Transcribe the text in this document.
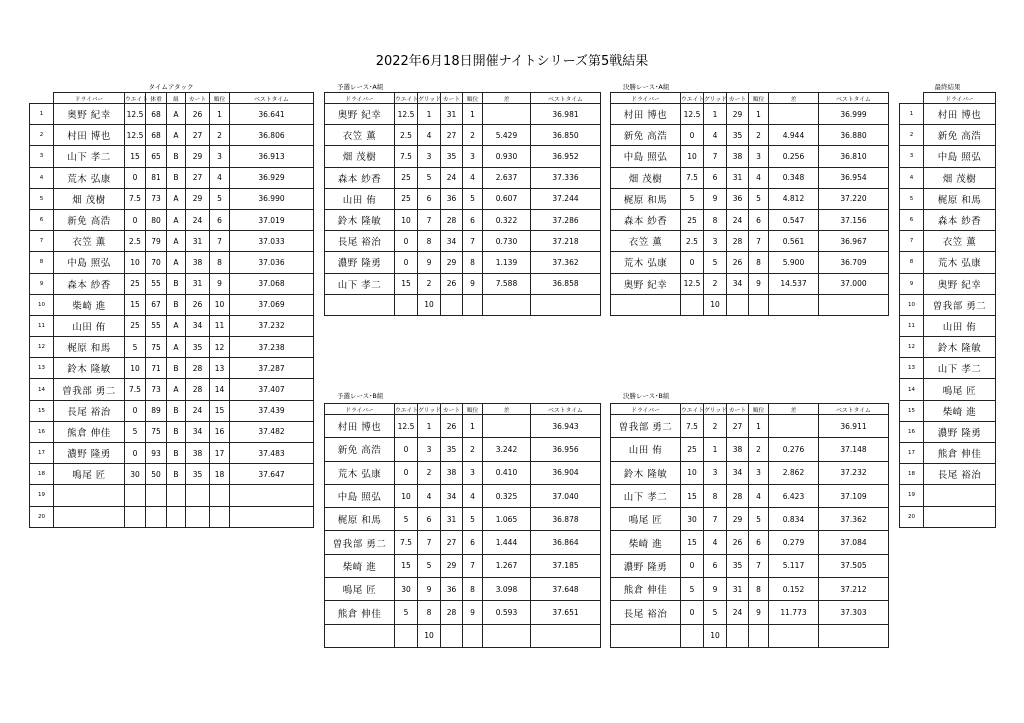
2022年6月18日開催ナイトシリーズ第5戦結果
タイムアタック
	ドライバー	ウエイト	体重	組	カート	順位	ベストタイム
1	奥野 紀幸	12.5	68	A	26	1	36.641
2	村田 博也	12.5	68	A	27	2	36.806
3	山下 孝二	15	65	B	29	3	36.913
4	荒木 弘康	0	81	B	27	4	36.929
5	畑 茂樹	7.5	73	A	29	5	36.990
6	新免 高浩	0	80	A	24	6	37.019
7	衣笠 薫	2.5	79	A	31	7	37.033
8	中島 照弘	10	70	A	38	8	37.036
9	森本 紗香	25	55	B	31	9	37.068
10	柴崎 進	15	67	B	26	10	37.069
11	山田 侑	25	55	A	34	11	37.232
12	梶原 和馬	5	75	A	35	12	37.238
13	鈴木 隆敏	10	71	B	28	13	37.287
14	曽我部 勇二	7.5	73	A	28	14	37.407
15	長尾 裕治	0	89	B	24	15	37.439
16	熊倉 伸佳	5	75	B	34	16	37.482
17	濃野 隆勇	0	93	B	38	17	37.483
18	鳴尾 匠	30	50	B	35	18	37.647
19							
20							
予選レース･A組
ドライバー	ウエイト	グリッド	カート	順位	差	ベストタイム
奥野 紀幸	12.5	1	31	1		36.981
衣笠 薫	2.5	4	27	2	5.429	36.850
畑 茂樹	7.5	3	35	3	0.930	36.952
森本 紗香	25	5	24	4	2.637	37.336
山田 侑	25	6	36	5	0.607	37.244
鈴木 隆敏	10	7	28	6	0.322	37.286
長尾 裕治	0	8	34	7	0.730	37.218
濃野 隆勇	0	9	29	8	1.139	37.362
山下 孝二	15	2	26	9	7.588	36.858
		10				
決勝レース･A組
ドライバー	ウエイト	グリッド	カート	順位	差	ベストタイム
村田 博也	12.5	1	29	1		36.999
新免 高浩	0	4	35	2	4.944	36.880
中島 照弘	10	7	38	3	0.256	36.810
畑 茂樹	7.5	6	31	4	0.348	36.954
梶原 和馬	5	9	36	5	4.812	37.220
森本 紗香	25	8	24	6	0.547	37.156
衣笠 薫	2.5	3	28	7	0.561	36.967
荒木 弘康	0	5	26	8	5.900	36.709
奥野 紀幸	12.5	2	34	9	14.537	37.000
		10				
最終結果
	ドライバー
1	村田 博也
2	新免 高浩
3	中島 照弘
4	畑 茂樹
5	梶原 和馬
6	森本 紗香
7	衣笠 薫
8	荒木 弘康
9	奥野 紀幸
10	曽我部 勇二
11	山田 侑
12	鈴木 隆敏
13	山下 孝二
14	鳴尾 匠
15	柴崎 進
16	濃野 隆勇
17	熊倉 伸佳
18	長尾 裕治
19	
20	
予選レース･B組
ドライバー	ウエイト	グリッド	カート	順位	差	ベストタイム
村田 博也	12.5	1	26	1		36.943
新免 高浩	0	3	35	2	3.242	36.956
荒木 弘康	0	2	38	3	0.410	36.904
中島 照弘	10	4	34	4	0.325	37.040
梶原 和馬	5	6	31	5	1.065	36.878
曽我部 勇二	7.5	7	27	6	1.444	36.864
柴崎 進	15	5	29	7	1.267	37.185
鳴尾 匠	30	9	36	8	3.098	37.648
熊倉 伸佳	5	8	28	9	0.593	37.651
		10				
決勝レース･B組
ドライバー	ウエイト	グリッド	カート	順位	差	ベストタイム
曽我部 勇二	7.5	2	27	1		36.911
山田 侑	25	1	38	2	0.276	37.148
鈴木 隆敏	10	3	34	3	2.862	37.232
山下 孝二	15	8	28	4	6.423	37.109
鳴尾 匠	30	7	29	5	0.834	37.362
柴崎 進	15	4	26	6	0.279	37.084
濃野 隆勇	0	6	35	7	5.117	37.505
熊倉 伸佳	5	9	31	8	0.152	37.212
長尾 裕治	0	5	24	9	11.773	37.303
		10				
